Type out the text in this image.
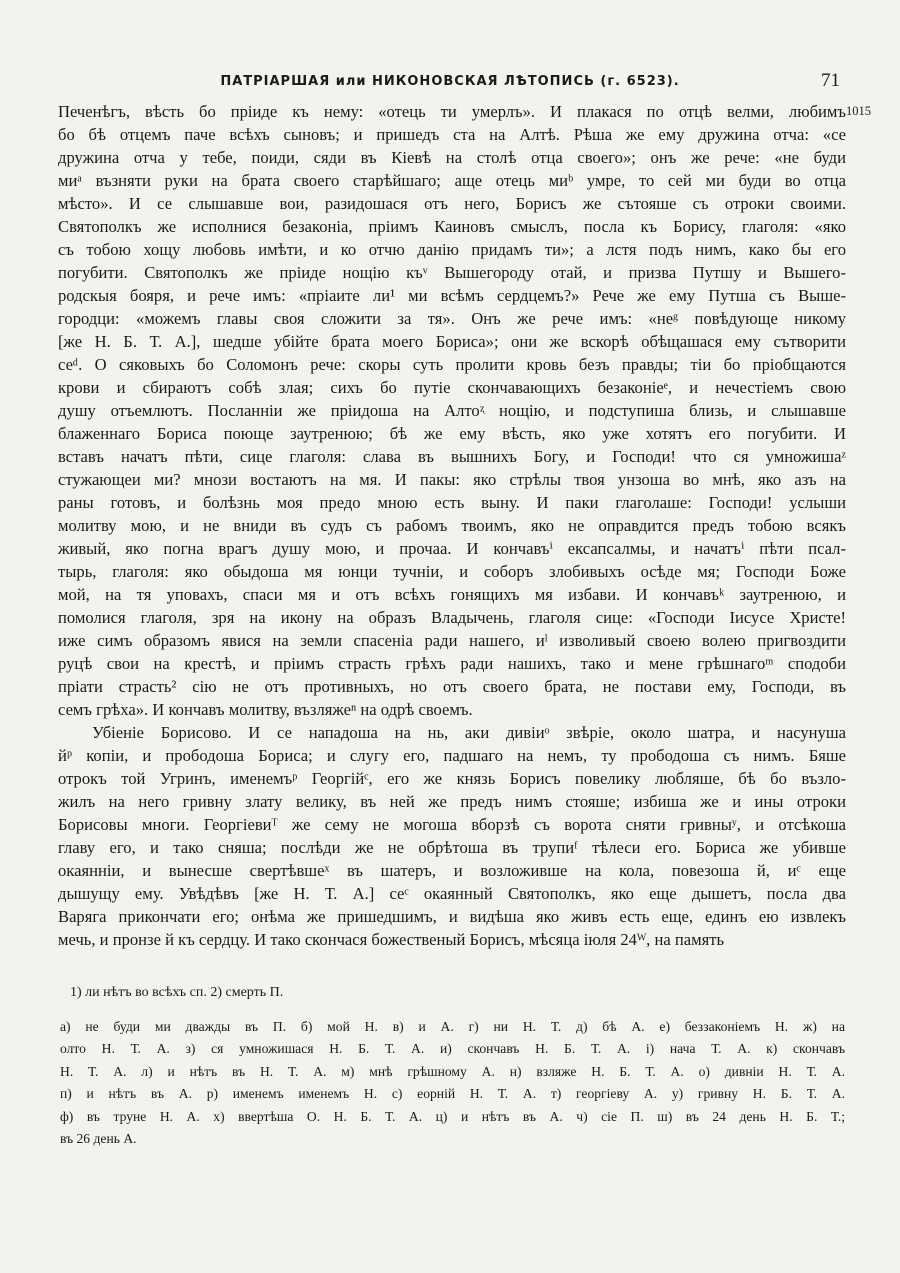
ПАТРІАРШАЯ или НИКОНОВСКАЯ ЛѢТОПИСЬ (г. 6523).	71
1015
Печенѣгъ, вѣсть бо пріиде къ нему: «отець ти умерлъ». И плакася по отцѣ велми, любимъ
бо бѣ отцемъ паче всѣхъ сыновъ; и пришедъ ста на Алтѣ. Рѣша же ему дружина отча: «се
дружина отча у тебе, поиди, сяди въ Кіевѣ на столѣ отца своего»; онъ же рече: «не буди
миᵃ възняти руки на брата своего старѣйшаго; аще отець миᵇ умре, то сей ми буди во отца
мѣсто». И се слышавше вои, разидошася отъ него, Борисъ же сътояше съ отроки своими.
Святополкъ же исполнися безаконіа, пріимъ Каиновъ смыслъ, посла къ Борису, глаголя: «яко
съ тобою хощу любовь имѣти, и ко отчю данію придамъ ти»; а лстя подъ нимъ, како бы его
погубити. Святополкъ же пріиде нощію къᵛ Вышегороду отай, и призва Путшу и Вышего-
родскыя бояря, и рече имъ: «пріаите ли¹ ми всѣмъ сердцемъ?» Рече же ему Путша съ Выше-
городци: «можемъ главы своя сложити за тя». Онъ же рече имъ: «неᵍ повѣдующе никому
[же Н. Б. Т. А.], шедше убійте брата моего Бориса»; они же вскорѣ обѣщашася ему сътворити
сеᵈ. О сяковыхъ бо Соломонъ рече: скоры суть пролити кровь безъ правды; тіи бо пріобщаются
крови и сбираютъ собѣ злая; сихъ бо путіе скончавающихъ безаконіеᵉ, и нечестіемъ свою
душу отъемлютъ. Посланніи же пріидоша на Алтоᶼ нощію, и подступиша близь, и слышавше
блаженнаго Бориса поюще заутренюю; бѣ же ему вѣсть, яко уже хотятъ его погубити. И
вставъ начатъ пѣти, сице глаголя: слава въ вышнихъ Богу, и Господи! что ся умножишаᶻ
стужающеи ми? мнози востаютъ на мя. И пакы: яко стрѣлы твоя унзоша во мнѣ, яко азъ на
раны готовъ, и болѣзнь моя предо мною есть выну. И паки глаголаше: Господи! услыши
молитву мою, и не вниди въ судъ съ рабомъ твоимъ, яко не оправдится предъ тобою всякъ
живый, яко погна врагъ душу мою, и прочаа. И кончавъⁱ ексапсалмы, и начатъⁱ пѣти псал-
тырь, глаголя: яко обыдоша мя юнци тучніи, и соборъ злобивыхъ осѣде мя; Господи Боже
мой, на тя уповахъ, спаси мя и отъ всѣхъ гонящихъ мя избави. И кончавъᵏ заутренюю, и
помолися глаголя, зря на икону на образъ Владычень, глаголя сице: «Господи Іисусе Христе!
иже симъ образомъ явися на земли спасеніа ради нашего, иˡ изволивый своею волею пригвоздити
руцѣ свои на крестѣ, и пріимъ страсть грѣхъ ради нашихъ, тако и мене грѣшнагоᵐ сподоби
пріати страсть² сію не отъ противныхъ, но отъ своего брата, не постави ему, Господи, въ
семъ грѣха». И кончавъ молитву, възляжеⁿ на одрѣ своемъ.
Убіеніе Борисово. И се нападоша на нь, аки дивіиᵒ звѣріе, около шатра, и насунуша
йᵖ копіи, и прободоша Бориса; и слугу его, падшаго на немъ, ту прободоша съ нимъ. Бяше
отрокъ той Угринъ, именемъᵖ Георгійᶜ, его же князь Борисъ повелику любляше, бѣ бо възло-
жилъ на него гривну злату велику, въ ней же предъ нимъ стояше; избиша же и ины отроки
Борисовы многи. Георгіевиᵀ же сему не могоша вборзѣ съ ворота сняти гривныʸ, и отсѣкоша
главу его, и тако сняша; послѣди же не обрѣтоша въ трупиᶠ тѣлеси его. Бориса же убивше
окаянніи, и вынесше свертѣвшеˣ въ шатеръ, и возложивше на кола, повезоша й, иᶜ еще
дышущу ему. Увѣдѣвъ [же Н. Т. А.] сеᶜ окаянный Святополкъ, яко еще дышетъ, посла два
Варяга прикончати его; онѣма же пришедшимъ, и видѣша яко живъ есть еще, единъ ею извлекъ
мечь, и пронзе й къ сердцу. И тако скончася божественый Борисъ, мѣсяца іюля 24ᵂ, на память
1) ли нѣтъ во всѣхъ сп. 2) смерть П.
а) не буди ми дважды въ П. б) мой Н. в) и А. г) ни Н. Т. д) бѣ А. е) беззаконіемъ Н. ж) на
олто Н. Т. А. з) ся умножишася Н. Б. Т. А. и) скончавъ Н. Б. Т. А. і) нача Т. А. к) скончавъ
Н. Т. А. л) и нѣтъ въ Н. Т. А. м) мнѣ грѣшному А. н) взляже Н. Б. Т. А. о) дивніи Н. Т. А.
п) и нѣтъ въ А. р) именемъ именемъ Н. с) еорній Н. Т. А. т) георгіеву А. у) гривну Н. Б. Т. А.
ф) въ труне Н. А. х) ввертѣша О. Н. Б. Т. А. ц) и нѣтъ въ А. ч) сіе П. ш) въ 24 день Н. Б. Т.;
въ 26 день А.
